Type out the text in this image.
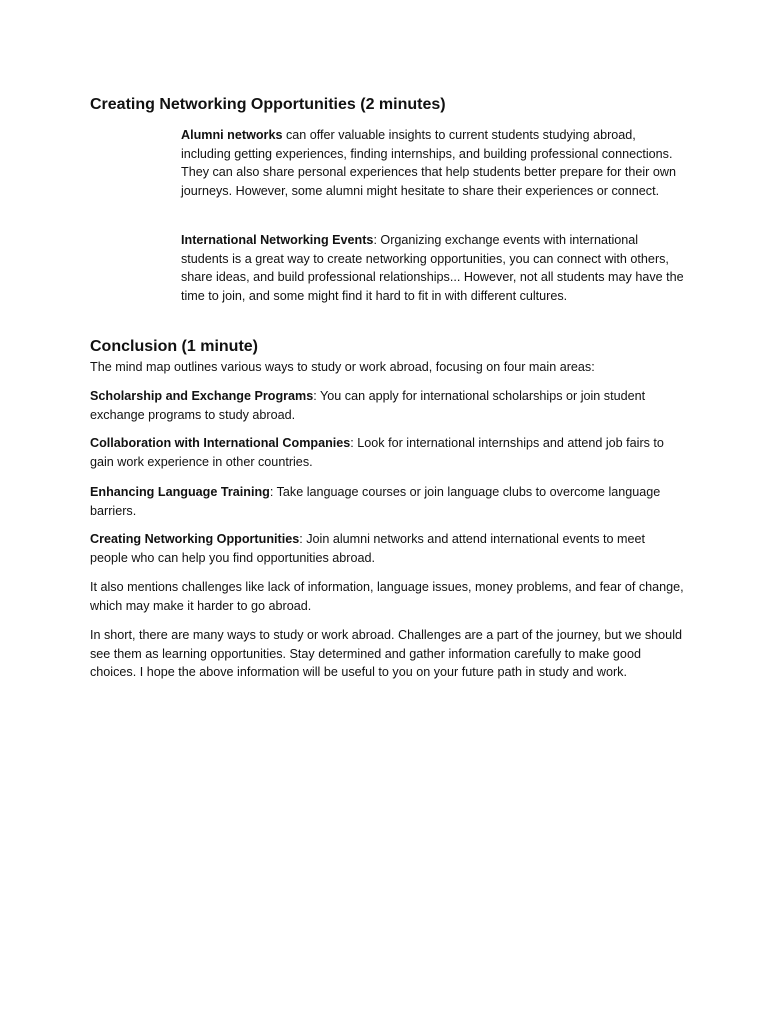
Creating Networking Opportunities (2 minutes)

Alumni networks can offer valuable insights to current students studying abroad, including getting experiences, finding internships, and building professional connections. They can also share personal experiences that help students better prepare for their own journeys. However, some alumni might hesitate to share their experiences or connect.

International Networking Events: Organizing exchange events with international students is a great way to create networking opportunities, you can connect with others, share ideas, and build professional relationships... However, not all students may have the time to join, and some might find it hard to fit in with different cultures.

Conclusion (1 minute)

The mind map outlines various ways to study or work abroad, focusing on four main areas:

Scholarship and Exchange Programs: You can apply for international scholarships or join student exchange programs to study abroad.

Collaboration with International Companies: Look for international internships and attend job fairs to gain work experience in other countries.

Enhancing Language Training: Take language courses or join language clubs to overcome language barriers.

Creating Networking Opportunities: Join alumni networks and attend international events to meet people who can help you find opportunities abroad.

It also mentions challenges like lack of information, language issues, money problems, and fear of change, which may make it harder to go abroad.

In short, there are many ways to study or work abroad. Challenges are a part of the journey, but we should see them as learning opportunities. Stay determined and gather information carefully to make good choices. I hope the above information will be useful to you on your future path in study and work.
